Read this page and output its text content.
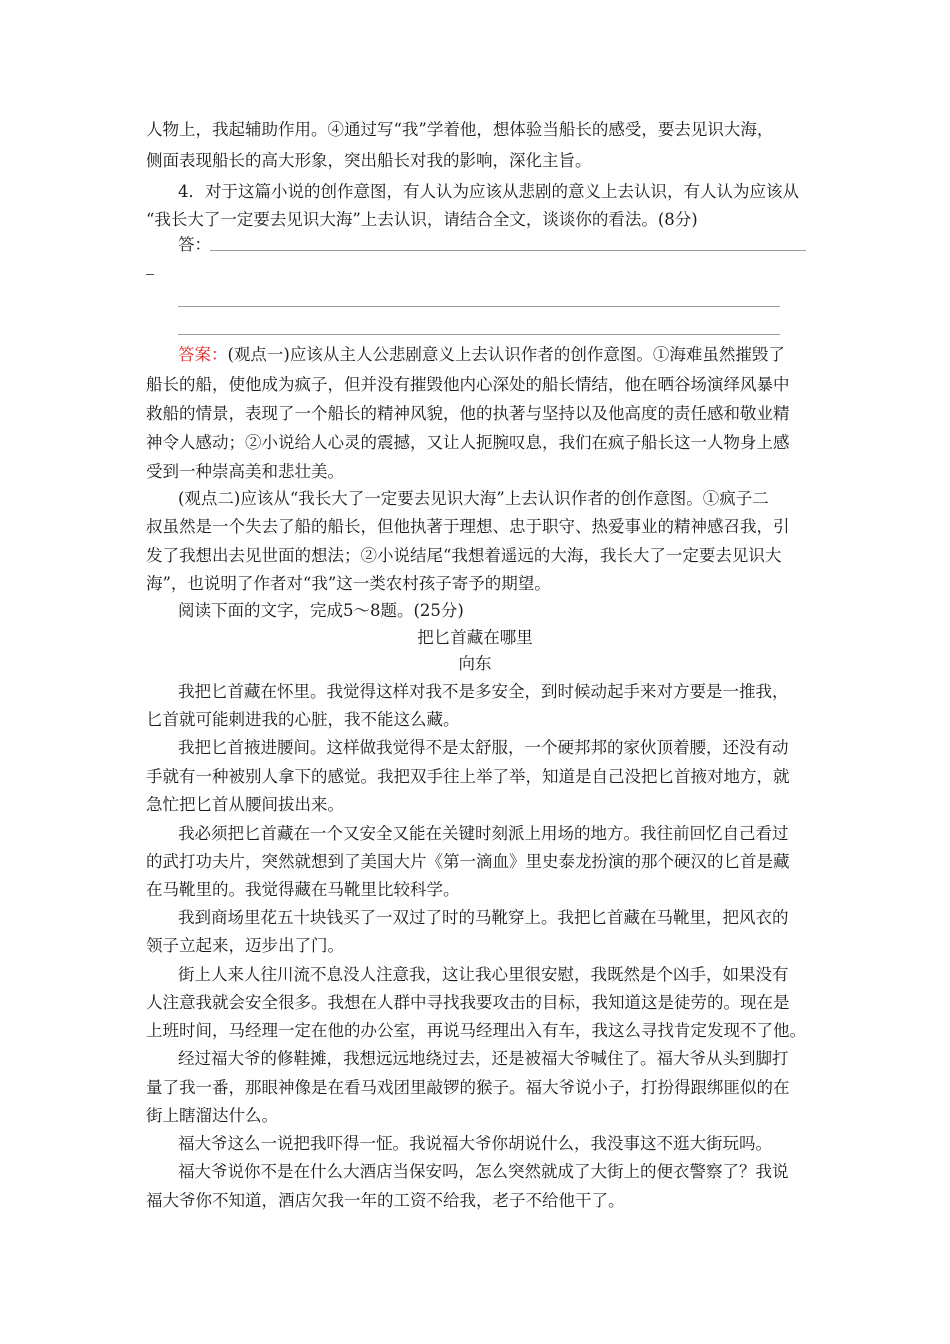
人物上，我起辅助作用。④通过写“我”学着他，想体验当船长的感受，要去见识大海，
侧面表现船长的高大形象，突出船长对我的影响，深化主旨。
4．对于这篇小说的创作意图，有人认为应该从悲剧的意义上去认识，有人认为应该从
“我长大了一定要去见识大海”上去认识，请结合全文，谈谈你的看法。(8分)
答：
答案：(观点一)应该从主人公悲剧意义上去认识作者的创作意图。①海难虽然摧毁了
船长的船，使他成为疯子，但并没有摧毁他内心深处的船长情结，他在晒谷场演绎风暴中
救船的情景，表现了一个船长的精神风貌，他的执著与坚持以及他高度的责任感和敬业精
神令人感动；②小说给人心灵的震撼，又让人扼腕叹息，我们在疯子船长这一人物身上感
受到一种崇高美和悲壮美。
(观点二)应该从“我长大了一定要去见识大海”上去认识作者的创作意图。①疯子二
叔虽然是一个失去了船的船长，但他执著于理想、忠于职守、热爱事业的精神感召我，引
发了我想出去见世面的想法；②小说结尾“我想着遥远的大海，我长大了一定要去见识大
海”，也说明了作者对“我”这一类农村孩子寄予的期望。
阅读下面的文字，完成5～8题。(25分)
把匕首藏在哪里
向东
我把匕首藏在怀里。我觉得这样对我不是多安全，到时候动起手来对方要是一推我，
匕首就可能刺进我的心脏，我不能这么藏。
我把匕首掖进腰间。这样做我觉得不是太舒服，一个硬邦邦的家伙顶着腰，还没有动
手就有一种被别人拿下的感觉。我把双手往上举了举，知道是自己没把匕首掖对地方，就
急忙把匕首从腰间拔出来。
我必须把匕首藏在一个又安全又能在关键时刻派上用场的地方。我往前回忆自己看过
的武打功夫片，突然就想到了美国大片《第一滴血》里史泰龙扮演的那个硬汉的匕首是藏
在马靴里的。我觉得藏在马靴里比较科学。
我到商场里花五十块钱买了一双过了时的马靴穿上。我把匕首藏在马靴里，把风衣的
领子立起来，迈步出了门。
街上人来人往川流不息没人注意我，这让我心里很安慰，我既然是个凶手，如果没有
人注意我就会安全很多。我想在人群中寻找我要攻击的目标，我知道这是徒劳的。现在是
上班时间，马经理一定在他的办公室，再说马经理出入有车，我这么寻找肯定发现不了他。
经过福大爷的修鞋摊，我想远远地绕过去，还是被福大爷喊住了。福大爷从头到脚打
量了我一番，那眼神像是在看马戏团里敲锣的猴子。福大爷说小子，打扮得跟绑匪似的在
街上瞎溜达什么。
福大爷这么一说把我吓得一怔。我说福大爷你胡说什么，我没事这不逛大街玩吗。
福大爷说你不是在什么大酒店当保安吗，怎么突然就成了大街上的便衣警察了？我说
福大爷你不知道，酒店欠我一年的工资不给我，老子不给他干了。
